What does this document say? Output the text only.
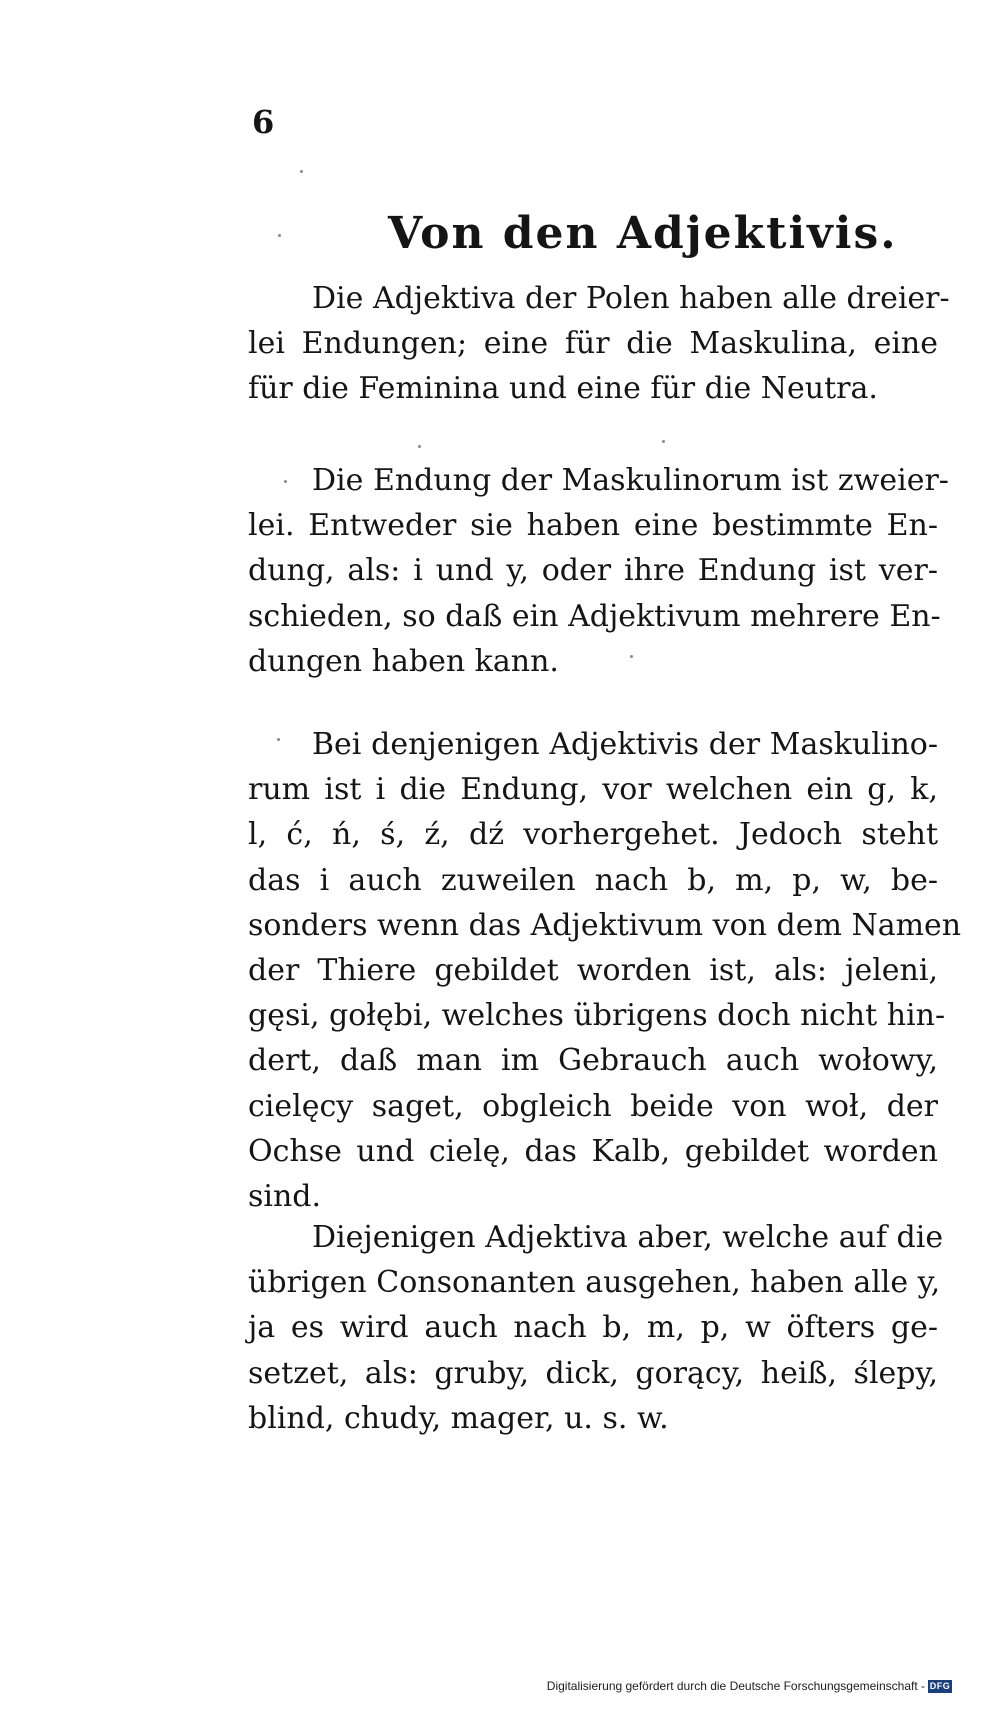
6
Von den Adjektivis.
Die Adjektiva der Polen haben alle dreier-
lei Endungen; eine für die Maskulina, eine
für die Feminina und eine für die Neutra.
Die Endung der Maskulinorum ist zweier-
lei. Entweder sie haben eine bestimmte En-
dung, als: i und y, oder ihre Endung ist ver-
schieden, so daß ein Adjektivum mehrere En-
dungen haben kann.
Bei denjenigen Adjektivis der Maskulino-
rum ist i die Endung, vor welchen ein g, k,
l, ć, ń, ś, ź, dź vorhergehet. Jedoch steht
das i auch zuweilen nach b, m, p, w, be-
sonders wenn das Adjektivum von dem Namen
der Thiere gebildet worden ist, als: jeleni,
gęsi, gołębi, welches übrigens doch nicht hin-
dert, daß man im Gebrauch auch wołowy,
cielęcy saget, obgleich beide von woł, der
Ochse und cielę, das Kalb, gebildet worden
sind.
Diejenigen Adjektiva aber, welche auf die
übrigen Consonanten ausgehen, haben alle y,
ja es wird auch nach b, m, p, w öfters ge-
setzet, als: gruby, dick, gorący, heiß, ślepy,
blind, chudy, mager, u. s. w.
Digitalisierung gefördert durch die Deutsche Forschungsgemeinschaft - DFG
